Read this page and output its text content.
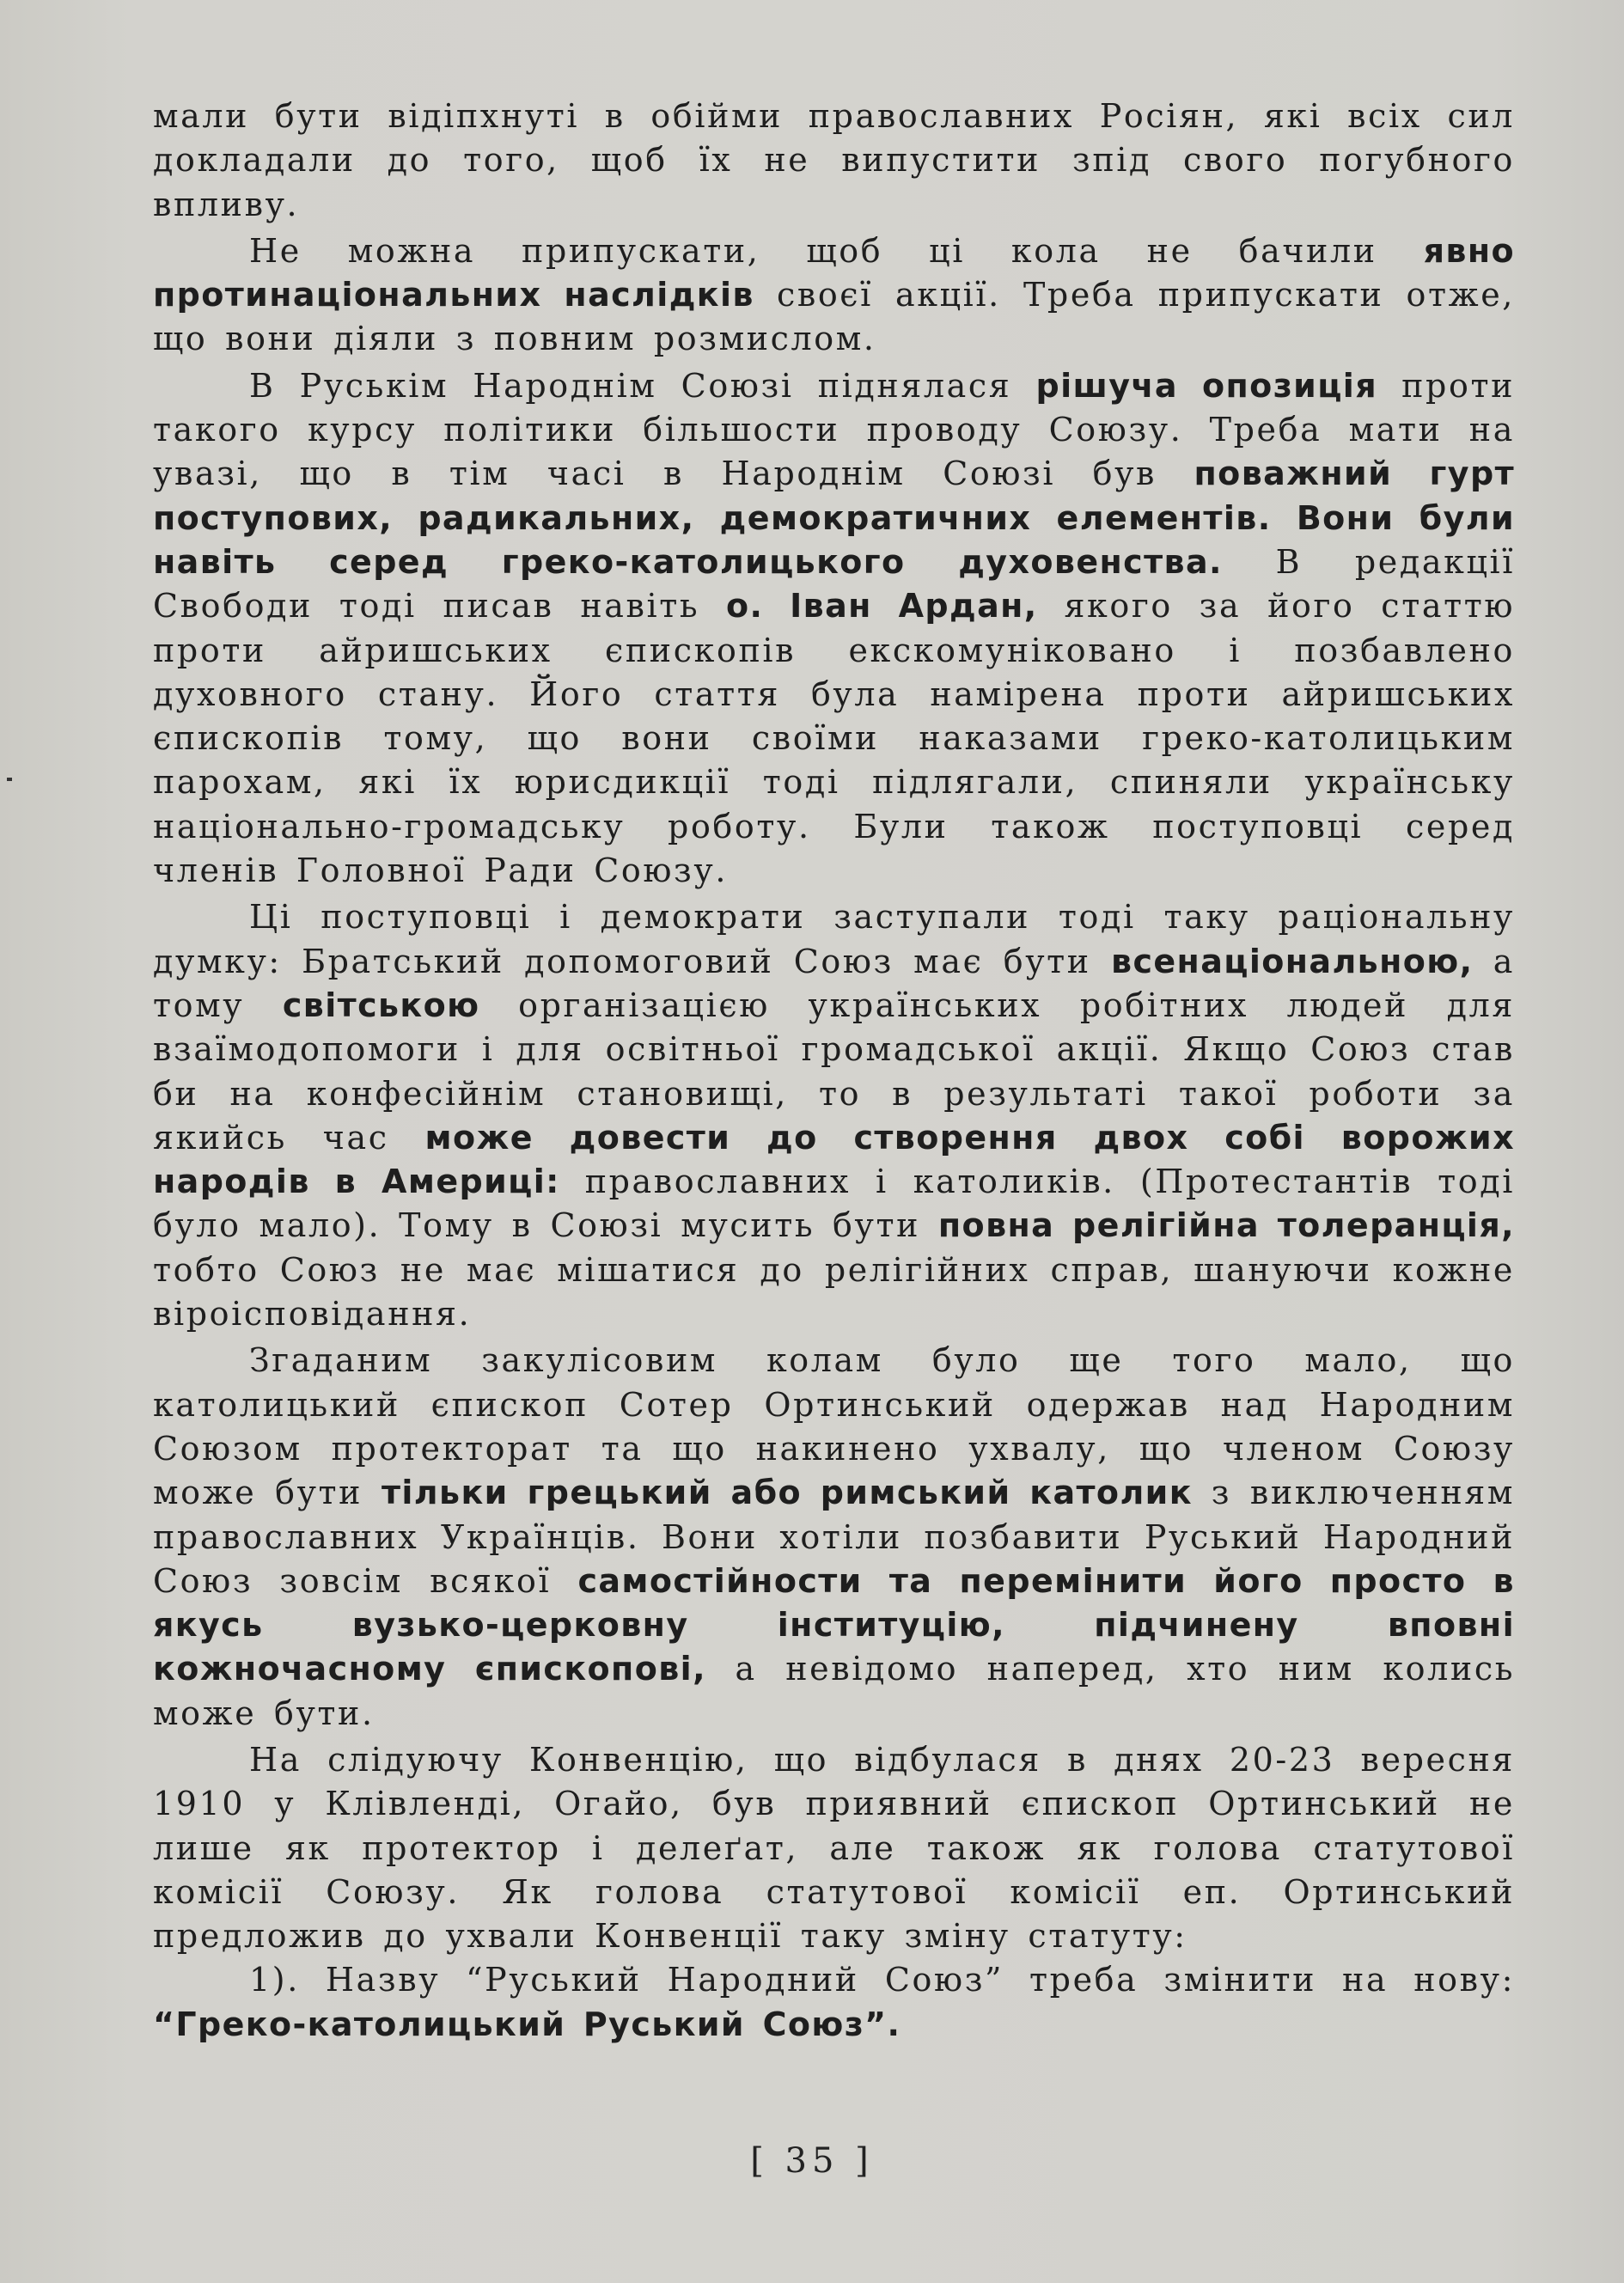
мали бути відіпхнуті в обійми православних Росіян, які всіх сил докладали до того, щоб їх не випустити зпід свого погубного впливу.

Не можна припускати, щоб ці кола не бачили явно протинаціональних наслідків своєї акції. Треба припускати отже, що вони діяли з повним розмислом.

В Руськім Народнім Союзі піднялася рішуча опозиція проти такого курсу політики більшости проводу Союзу. Треба мати на увазі, що в тім часі в Народнім Союзі був поважний гурт поступових, радикальних, демократичних елементів. Вони були навіть серед греко-католицького духовенства. В редакції Свободи тоді писав навіть о. Іван Ардан, якого за його статтю проти айришських єпископів екскомуніковано і позбавлено духовного стану. Його стаття була намірена проти айришських єпископів тому, що вони своїми наказами греко-католицьким парохам, які їх юрисдикції тоді підлягали, спиняли українську національно-громадську роботу. Були також поступовці серед членів Головної Ради Союзу.

Ці поступовці і демократи заступали тоді таку раціональну думку: Братський допомоговий Союз має бути всенаціональною, а тому світською організацією українських робітних людей для взаїмодопомоги і для освітньої громадської акції. Якщо Союз став би на конфесійнім становищі, то в результаті такої роботи за якийсь час може довести до створення двох собі ворожих народів в Америці: православних і католиків. (Протестантів тоді було мало). Тому в Союзі мусить бути повна релігійна толеранція, тобто Союз не має мішатися до релігійних справ, шануючи кожне віроісповідання.

Згаданим закулісовим колам було ще того мало, що католицький єпископ Сотер Ортинський одержав над Народним Союзом протекторат та що накинено ухвалу, що членом Союзу може бути тільки грецький або римський католик з виключенням православних Українців. Вони хотіли позбавити Руський Народний Союз зовсім всякої самостійности та перемінити його просто в якусь вузько-церковну інституцію, підчинену вповні кожночасному єпископові, а невідомо наперед, хто ним колись може бути.

На слідуючу Конвенцію, що відбулася в днях 20-23 вересня 1910 у Клівленді, Огайо, був приявний єпископ Ортинський не лише як протектор і делеґат, але також як голова статутової комісії Союзу. Як голова статутової комісії еп. Ортинський предложив до ухвали Конвенції таку зміну статуту:

1). Назву “Руський Народний Союз” треба змінити на нову: “Греко-католицький Руський Союз”.

[ 35 ]
